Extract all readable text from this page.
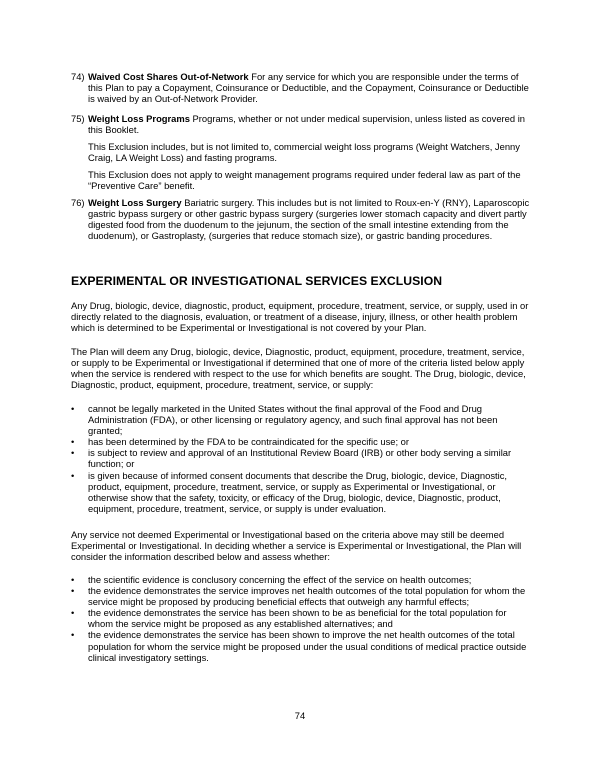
74) Waived Cost Shares Out-of-Network For any service for which you are responsible under the terms of this Plan to pay a Copayment, Coinsurance or Deductible, and the Copayment, Coinsurance or Deductible is waived by an Out-of-Network Provider.
75) Weight Loss Programs Programs, whether or not under medical supervision, unless listed as covered in this Booklet.
This Exclusion includes, but is not limited to, commercial weight loss programs (Weight Watchers, Jenny Craig, LA Weight Loss) and fasting programs.
This Exclusion does not apply to weight management programs required under federal law as part of the “Preventive Care” benefit.
76) Weight Loss Surgery Bariatric surgery. This includes but is not limited to Roux-en-Y (RNY), Laparoscopic gastric bypass surgery or other gastric bypass surgery (surgeries lower stomach capacity and divert partly digested food from the duodenum to the jejunum, the section of the small intestine extending from the duodenum), or Gastroplasty, (surgeries that reduce stomach size), or gastric banding procedures.
EXPERIMENTAL OR INVESTIGATIONAL SERVICES EXCLUSION

Any Drug, biologic, device, diagnostic, product, equipment, procedure, treatment, service, or supply, used in or directly related to the diagnosis, evaluation, or treatment of a disease, injury, illness, or other health problem which is determined to be Experimental or Investigational is not covered by your Plan.

The Plan will deem any Drug, biologic, device, Diagnostic, product, equipment, procedure, treatment, service, or supply to be Experimental or Investigational if determined that one of more of the criteria listed below apply when the service is rendered with respect to the use for which benefits are sought. The Drug, biologic, device, Diagnostic, product, equipment, procedure, treatment, service, or supply:

• cannot be legally marketed in the United States without the final approval of the Food and Drug Administration (FDA), or other licensing or regulatory agency, and such final approval has not been granted;
• has been determined by the FDA to be contraindicated for the specific use; or
• is subject to review and approval of an Institutional Review Board (IRB) or other body serving a similar function; or
• is given because of informed consent documents that describe the Drug, biologic, device, Diagnostic, product, equipment, procedure, treatment, service, or supply as Experimental or Investigational, or otherwise show that the safety, toxicity, or efficacy of the Drug, biologic, device, Diagnostic, product, equipment, procedure, treatment, service, or supply is under evaluation.

Any service not deemed Experimental or Investigational based on the criteria above may still be deemed Experimental or Investigational. In deciding whether a service is Experimental or Investigational, the Plan will consider the information described below and assess whether:

• the scientific evidence is conclusory concerning the effect of the service on health outcomes;
• the evidence demonstrates the service improves net health outcomes of the total population for whom the service might be proposed by producing beneficial effects that outweigh any harmful effects;
• the evidence demonstrates the service has been shown to be as beneficial for the total population for whom the service might be proposed as any established alternatives; and
• the evidence demonstrates the service has been shown to improve the net health outcomes of the total population for whom the service might be proposed under the usual conditions of medical practice outside clinical investigatory settings.
74
